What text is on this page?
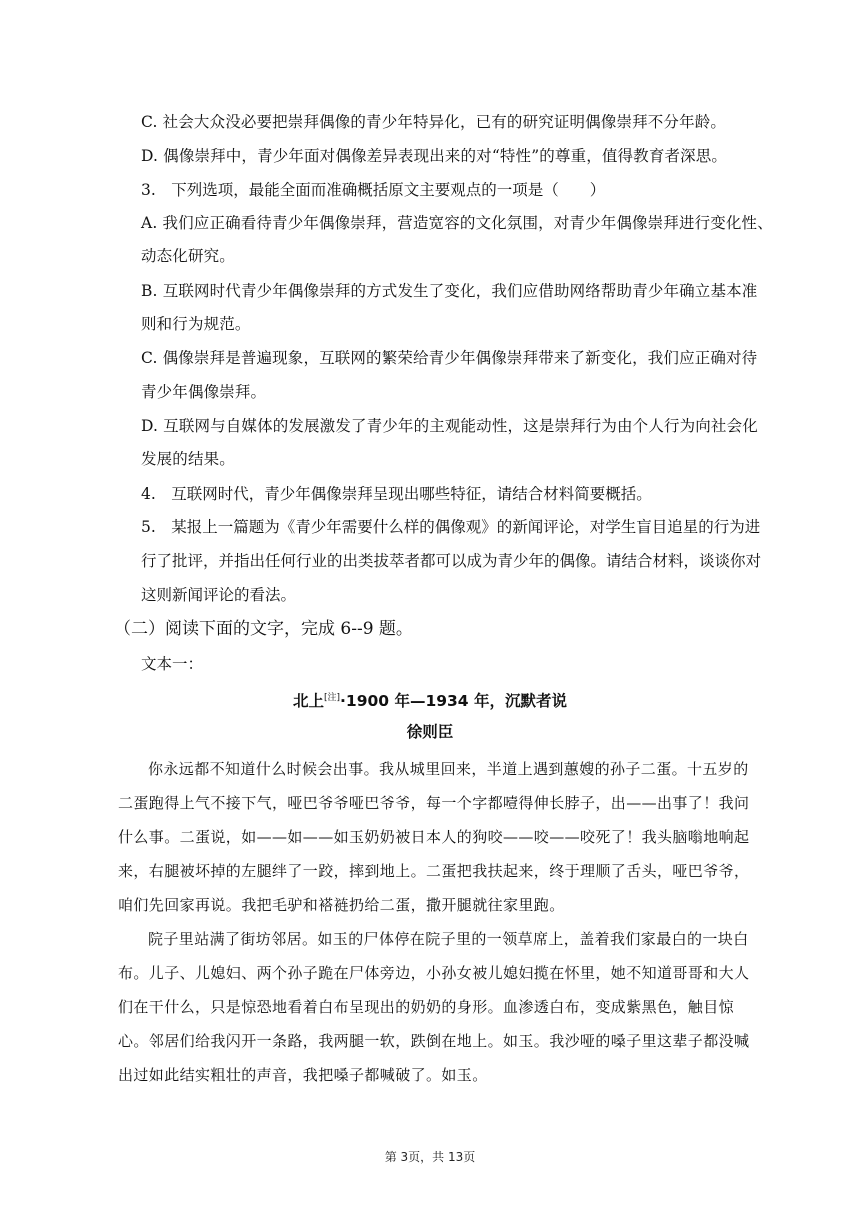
C. 社会大众没必要把崇拜偶像的青少年特异化，已有的研究证明偶像崇拜不分年龄。
D. 偶像崇拜中，青少年面对偶像差异表现出来的对“特性”的尊重，值得教育者深思。
3.　下列选项，最能全面而准确概括原文主要观点的一项是（　　）
A. 我们应正确看待青少年偶像崇拜，营造宽容的文化氛围，对青少年偶像崇拜进行变化性、
动态化研究。
B. 互联网时代青少年偶像崇拜的方式发生了变化，我们应借助网络帮助青少年确立基本准
则和行为规范。
C. 偶像崇拜是普遍现象，互联网的繁荣给青少年偶像崇拜带来了新变化，我们应正确对待
青少年偶像崇拜。
D. 互联网与自媒体的发展激发了青少年的主观能动性，这是崇拜行为由个人行为向社会化
发展的结果。
4.　互联网时代，青少年偶像崇拜呈现出哪些特征，请结合材料简要概括。
5.　某报上一篇题为《青少年需要什么样的偶像观》的新闻评论，对学生盲目追星的行为进
行了批评，并指出任何行业的出类拔萃者都可以成为青少年的偶像。请结合材料，谈谈你对
这则新闻评论的看法。
（二）阅读下面的文字，完成 6--9 题。
文本一：
北上[注]·1900 年—1934 年，沉默者说
徐则臣

你永远都不知道什么时候会出事。我从城里回来，半道上遇到蕙嫂的孙子二蛋。十五岁的二蛋跑得上气不接下气，哑巴爷爷哑巴爷爷，每一个字都噎得伸长脖子，出——出事了！我问什么事。二蛋说，如——如——如玉奶奶被日本人的狗咬——咬——咬死了！我头脑嗡地响起来，右腿被坏掉的左腿绊了一跤，摔到地上。二蛋把我扶起来，终于理顺了舌头，哑巴爷爷，咱们先回家再说。我把毛驴和褡裢扔给二蛋，撒开腿就往家里跑。

院子里站满了街坊邻居。如玉的尸体停在院子里的一领草席上，盖着我们家最白的一块白布。儿子、儿媳妇、两个孙子跪在尸体旁边，小孙女被儿媳妇揽在怀里，她不知道哥哥和大人们在干什么，只是惊恐地看着白布呈现出的奶奶的身形。血渗透白布，变成紫黑色，触目惊心。邻居们给我闪开一条路，我两腿一软，跌倒在地上。如玉。我沙哑的嗓子里这辈子都没喊出过如此结实粗壮的声音，我把嗓子都喊破了。如玉。

第 3页，共 13页
